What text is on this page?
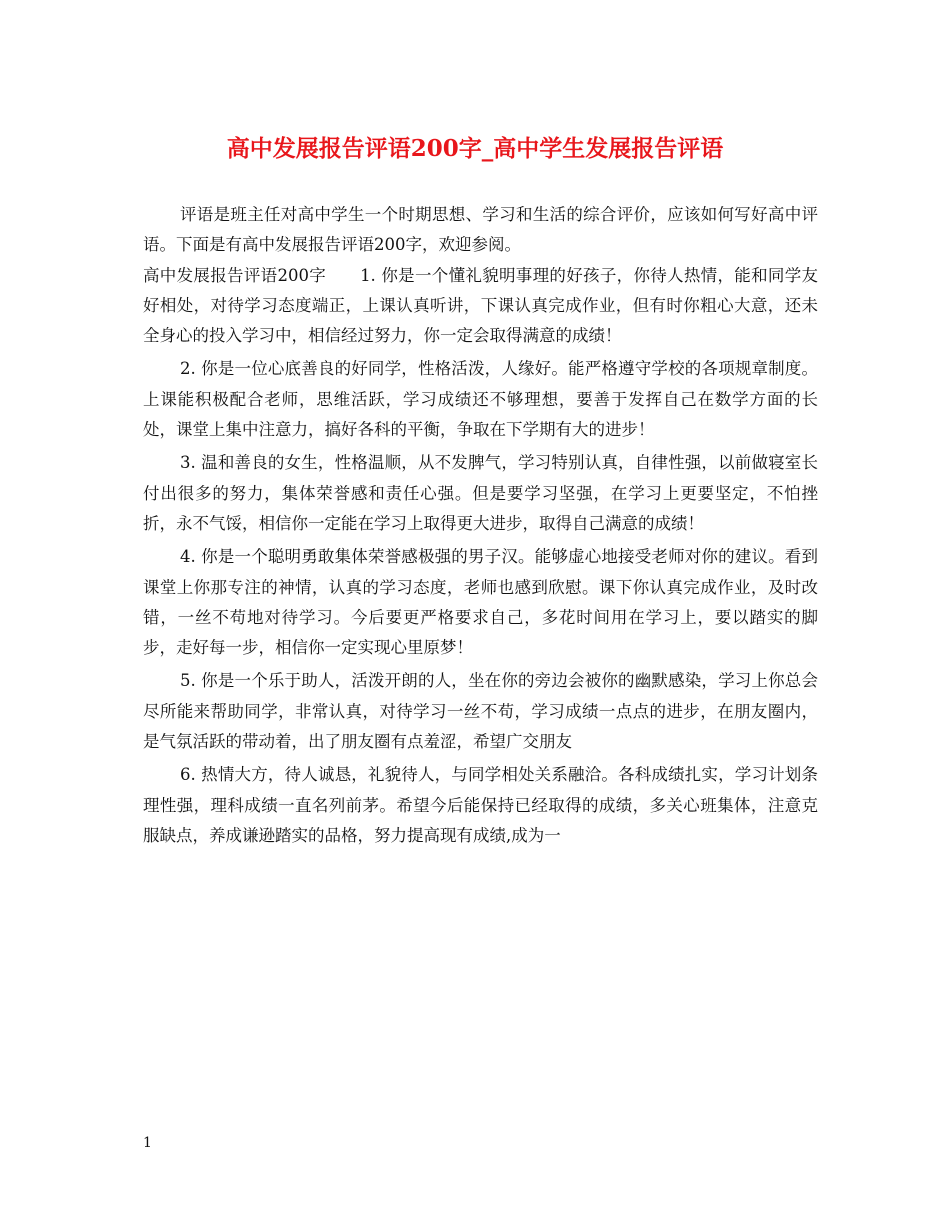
高中发展报告评语200字_高中学生发展报告评语

评语是班主任对高中学生一个时期思想、学习和生活的综合评价，应该如何写好高中评语。下面是有高中发展报告评语200字，欢迎参阅。

高中发展报告评语200字 1. 你是一个懂礼貌明事理的好孩子，你待人热情，能和同学友好相处，对待学习态度端正，上课认真听讲，下课认真完成作业，但有时你粗心大意，还未全身心的投入学习中，相信经过努力，你一定会取得满意的成绩！

2. 你是一位心底善良的好同学，性格活泼，人缘好。能严格遵守学校的各项规章制度。上课能积极配合老师，思维活跃，学习成绩还不够理想，要善于发挥自己在数学方面的长处，课堂上集中注意力，搞好各科的平衡，争取在下学期有大的进步！

3. 温和善良的女生，性格温顺，从不发脾气，学习特别认真，自律性强，以前做寝室长付出很多的努力，集体荣誉感和责任心强。但是要学习坚强，在学习上更要坚定，不怕挫折，永不气馁，相信你一定能在学习上取得更大进步，取得自己满意的成绩！

4. 你是一个聪明勇敢集体荣誉感极强的男子汉。能够虚心地接受老师对你的建议。看到课堂上你那专注的神情，认真的学习态度，老师也感到欣慰。课下你认真完成作业，及时改错，一丝不苟地对待学习。今后要更严格要求自己，多花时间用在学习上，要以踏实的脚步，走好每一步，相信你一定实现心里原梦！

5. 你是一个乐于助人，活泼开朗的人，坐在你的旁边会被你的幽默感染，学习上你总会尽所能来帮助同学，非常认真，对待学习一丝不苟，学习成绩一点点的进步，在朋友圈内，是气氛活跃的带动着，出了朋友圈有点羞涩，希望广交朋友

6. 热情大方，待人诚恳，礼貌待人，与同学相处关系融洽。各科成绩扎实，学习计划条理性强，理科成绩一直名列前茅。希望今后能保持已经取得的成绩，多关心班集体，注意克服缺点，养成谦逊踏实的品格，努力提高现有成绩,成为一

1
